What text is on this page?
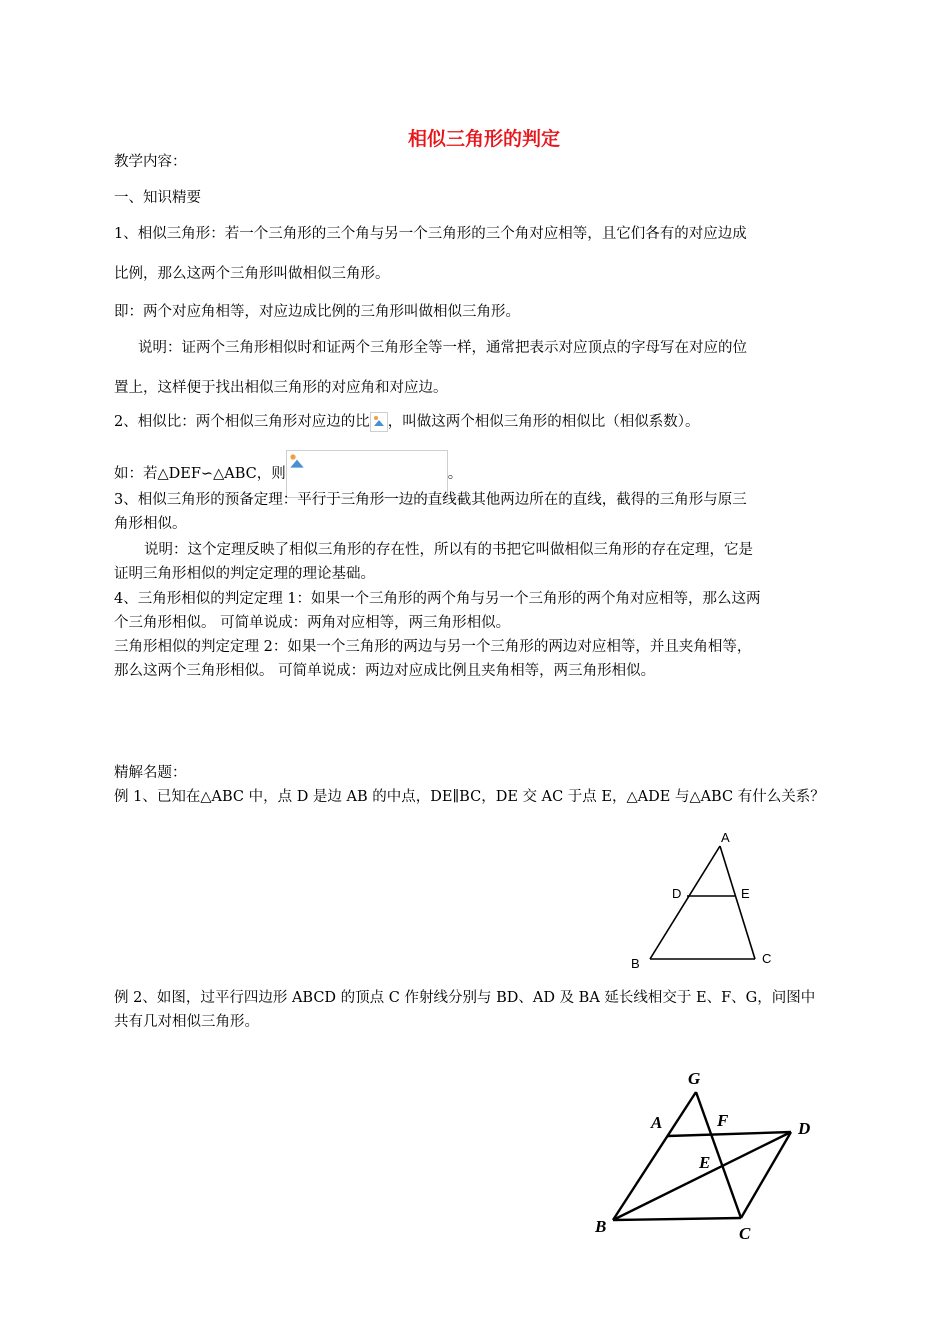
相似三角形的判定
教学内容：
一、知识精要
1、相似三角形：若一个三角形的三个角与另一个三角形的三个角对应相等，且它们各有的对应边成
比例，那么这两个三角形叫做相似三角形。
即：两个对应角相等，对应边成比例的三角形叫做相似三角形。
说明：证两个三角形相似时和证两个三角形全等一样，通常把表示对应顶点的字母写在对应的位
置上，这样便于找出相似三角形的对应角和对应边。
2、相似比：两个相似三角形对应边的比 ，叫做这两个相似三角形的相似比（相似系数）。
如：若△DEF∽△ABC，则	。
3、相似三角形的预备定理：平行于三角形一边的直线截其他两边所在的直线，截得的三角形与原三
角形相似。
说明：这个定理反映了相似三角形的存在性，所以有的书把它叫做相似三角形的存在定理，它是
证明三角形相似的判定定理的理论基础。
4、三角形相似的判定定理 1：如果一个三角形的两个角与另一个三角形的两个角对应相等，那么这两
个三角形相似。 可简单说成：两角对应相等，两三角形相似。
三角形相似的判定定理 2：如果一个三角形的两边与另一个三角形的两边对应相等，并且夹角相等，
那么这两个三角形相似。 可简单说成：两边对应成比例且夹角相等，两三角形相似。
精解名题：
例 1、已知在△ABC 中，点 D 是边 AB 的中点，DE∥BC，DE 交 AC 于点 E，△ADE 与△ABC 有什么关系？
A
D	E
B	C
例 2、如图，过平行四边形 ABCD 的顶点 C 作射线分别与 BD、AD 及 BA 延长线相交于 E、F、G，问图中
共有几对相似三角形。
G
A	F	D
E
B	C
